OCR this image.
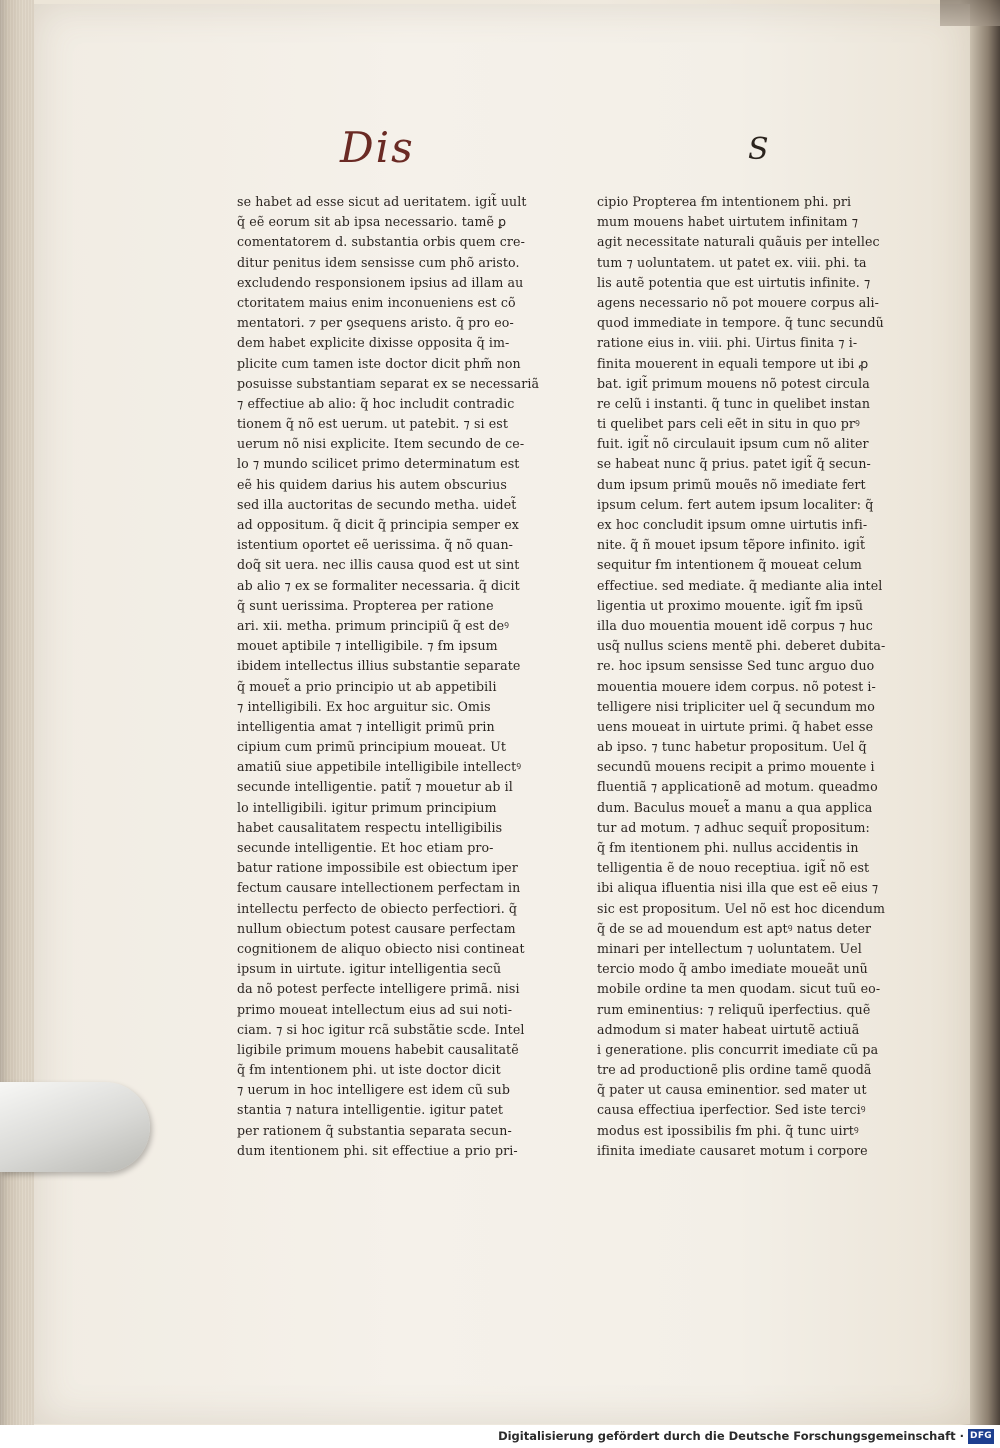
Dis	S
se habet ad esse sicut ad ueritatem. igit̃ uult
q̃ eẽ eorum sit ab ipsa necessario. tamẽ ꝑ
comentatorem d. substantia orbis quem cre-
ditur penitus idem sensisse cum phõ aristo.
excludendo responsionem ipsius ad illam au
ctoritatem maius enim inconueniens est cõ
mentatori. ⁊ per ꝯsequens aristo. q̃ pro eo-
dem habet explicite dixisse opposita q̃ im-
plicite cum tamen iste doctor dicit phm̃ non
posuisse substantiam separat ex se necessariã
⁊ effectiue ab alio: q̃ hoc includit contradic
tionem q̃ nõ est uerum. ut patebit. ⁊ si est
uerum nõ nisi explicite. Item secundo de ce-
lo ⁊ mundo scilicet primo determinatum est
eẽ his quidem darius his autem obscurius
sed illa auctoritas de secundo metha. uidet̃
ad oppositum. q̃ dicit q̃ principia semper ex
istentium oportet eẽ uerissima. q̃ nõ quan-
doq̃ sit uera. nec illis causa quod est ut sint
ab alio ⁊ ex se formaliter necessaria. q̃ dicit
q̃ sunt uerissima. Propterea per ratione
ari. xii. metha. primum principiũ q̃ est deꝰ
mouet aptibile ⁊ intelligibile. ⁊ ẜm ipsum
ibidem intellectus illius substantie separate
q̃ mouet̃ a prio principio ut ab appetibili
⁊ intelligibili. Ex hoc arguitur sic. Omis
intelligentia amat ⁊ intelligit primũ prin
cipium cum primũ principium moueat. Ut
amatiũ siue appetibile intelligibile intellectꝰ
secunde intelligentie. patit̃ ⁊ mouetur ab il
lo intelligibili. igitur primum principium
habet causalitatem respectu intelligibilis
secunde intelligentie. Et hoc etiam pro-
batur ratione impossibile est obiectum iper
fectum causare intellectionem perfectam in
intellectu perfecto de obiecto perfectiori. q̃
nullum obiectum potest causare perfectam
cognitionem de aliquo obiecto nisi contineat
ipsum in uirtute. igitur intelligentia secũ
da nõ potest perfecte intelligere primã. nisi
primo moueat intellectum eius ad sui noti-
ciam. ⁊ si hoc igitur rcã substãtie scde. Intel
ligibile primum mouens habebit causalitatẽ
q̃ ẜm intentionem phi. ut iste doctor dicit
⁊ uerum in hoc intelligere est idem cũ sub
stantia ⁊ natura intelligentie. igitur patet
per rationem q̃ substantia separata secun-
dum itentionem phi. sit effectiue a prio pri-
cipio Propterea ẜm intentionem phi. pri
mum mouens habet uirtutem infinitam ⁊
agit necessitate naturali quãuis per intellec
tum ⁊ uoluntatem. ut patet ex. viii. phi. ta
lis autẽ potentia que est uirtutis infinite. ⁊
agens necessario nõ pot mouere corpus ali-
quod immediate in tempore. q̃ tunc secundũ
ratione eius in. viii. phi. Uirtus finita ⁊ i-
finita mouerent in equali tempore ut ibi ꝓ
bat. igit̃ primum mouens nõ potest circula
re celũ i instanti. q̃ tunc in quelibet instan
ti quelibet pars celi eẽt in situ in quo prꝰ
fuit. igit̃ nõ circulauit ipsum cum nõ aliter
se habeat nunc q̃ prius. patet igit̃ q̃ secun-
dum ipsum primũ mouẽs nõ imediate fert
ipsum celum. fert autem ipsum localiter: q̃
ex hoc concludit ipsum omne uirtutis infi-
nite. q̃ ñ mouet ipsum tẽpore infinito. igit̃
sequitur ẜm intentionem q̃ moueat celum
effectiue. sed mediate. q̃ mediante alia intel
ligentia ut proximo mouente. igit̃ ẜm ipsũ
illa duo mouentia mouent idẽ corpus ⁊ huc
usq̃ nullus sciens mentẽ phi. deberet dubita-
re. hoc ipsum sensisse Sed tunc arguo duo
mouentia mouere idem corpus. nõ potest i-
telligere nisi tripliciter uel q̃ secundum mo
uens moueat in uirtute primi. q̃ habet esse
ab ipso. ⁊ tunc habetur propositum. Uel q̃
secundũ mouens recipit a primo mouente i
fluentiã ⁊ applicationẽ ad motum. queadmo
dum. Baculus mouet̃ a manu a qua applica
tur ad motum. ⁊ adhuc sequit̃ propositum:
q̃ ẜm itentionem phi. nullus accidentis in
telligentia ẽ de nouo receptiua. igit̃ nõ est
ibi aliqua ifluentia nisi illa que est eẽ eius ⁊
sic est propositum. Uel nõ est hoc dicendum
q̃ de se ad mouendum est aptꝰ natus deter
minari per intellectum ⁊ uoluntatem. Uel
tercio modo q̃ ambo imediate moueãt unũ
mobile ordine ta men quodam. sicut tuũ eo-
rum eminentius: ⁊ reliquũ iperfectius. quẽ
admodum si mater habeat uirtutẽ actiuã
i generatione. plis concurrit imediate cũ pa
tre ad productionẽ plis ordine tamẽ quodã
q̃ pater ut causa eminentior. sed mater ut
causa effectiua iperfectior. Sed iste terciꝰ
modus est ipossibilis ẜm phi. q̃ tunc uirtꝰ
ifinita imediate causaret motum i corpore
Digitalisierung gefördert durch die Deutsche Forschungsgemeinschaft · DFG
